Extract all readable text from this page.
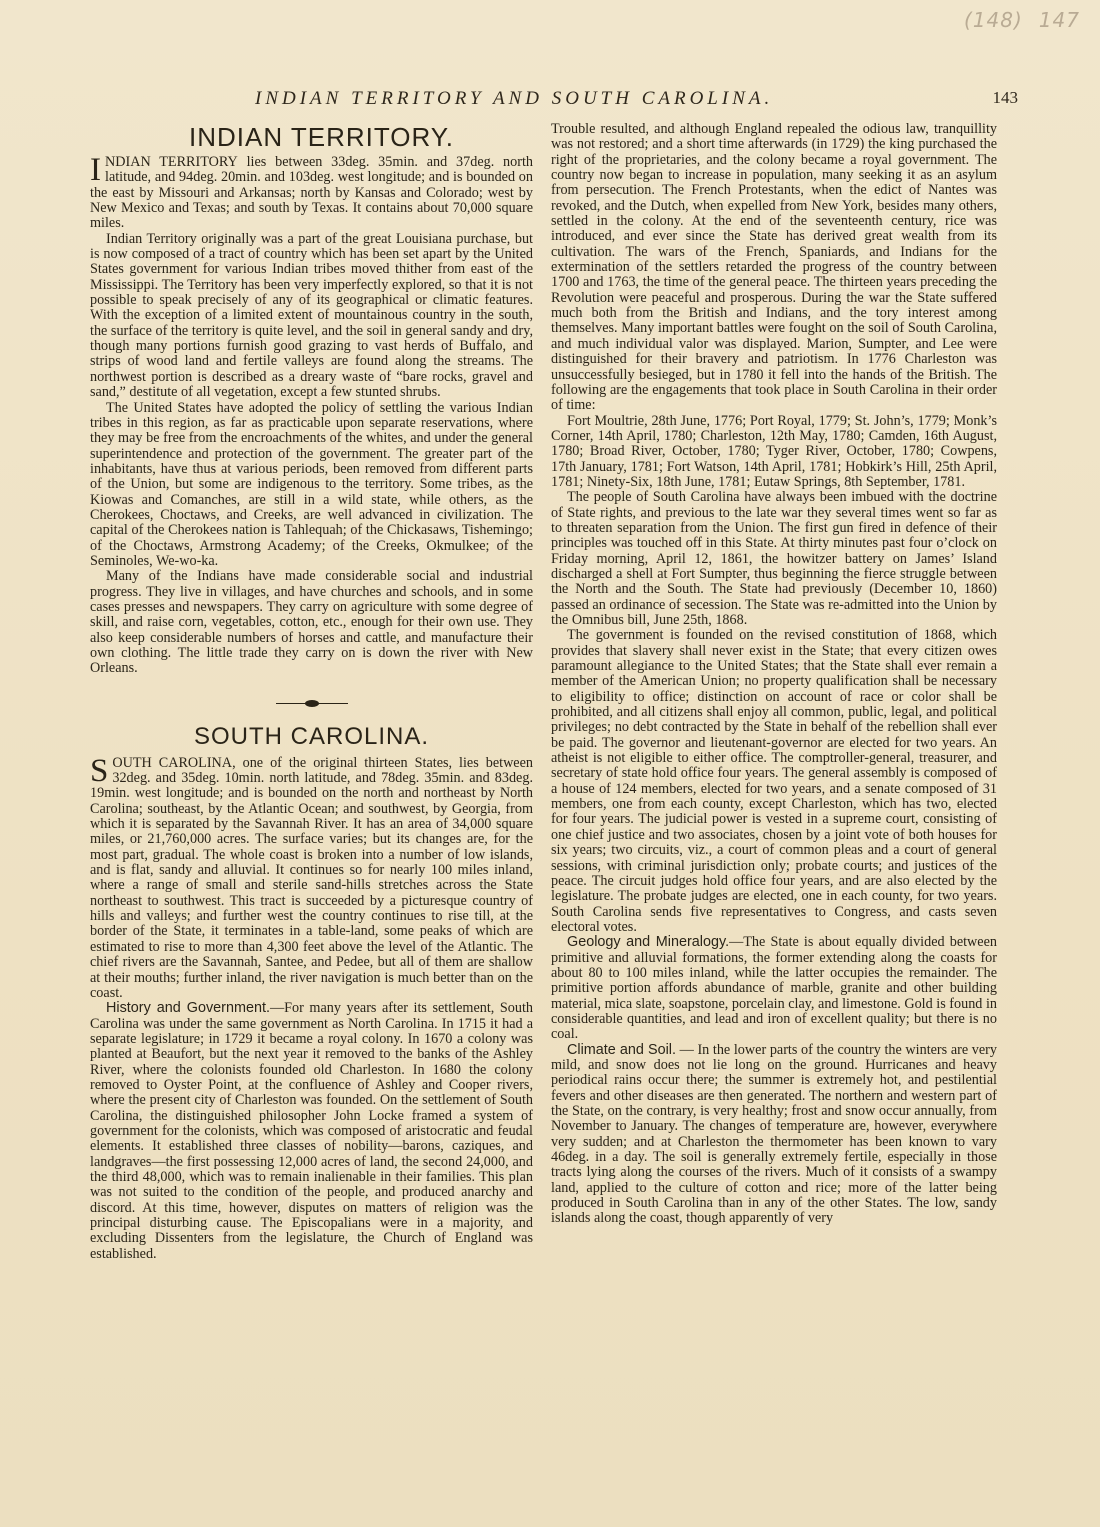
(148) 147
INDIAN TERRITORY AND SOUTH CAROLINA.	143
INDIAN TERRITORY.

INDIAN TERRITORY lies between 33deg. 35min. and 37deg. north latitude, and 94deg. 20min. and 103deg. west longitude; and is bounded on the east by Missouri and Arkansas; north by Kansas and Colorado; west by New Mexico and Texas; and south by Texas. It contains about 70,000 square miles.

Indian Territory originally was a part of the great Louisiana purchase, but is now composed of a tract of country which has been set apart by the United States government for various Indian tribes moved thither from east of the Mississippi. The Territory has been very imperfectly explored, so that it is not possible to speak precisely of any of its geographical or climatic features. With the exception of a limited extent of mountainous country in the south, the surface of the territory is quite level, and the soil in general sandy and dry, though many portions furnish good grazing to vast herds of Buffalo, and strips of wood land and fertile valleys are found along the streams. The northwest portion is described as a dreary waste of “bare rocks, gravel and sand,” destitute of all vegetation, except a few stunted shrubs.

The United States have adopted the policy of settling the various Indian tribes in this region, as far as practicable upon separate reservations, where they may be free from the encroachments of the whites, and under the general superintendence and protection of the government. The greater part of the inhabitants, have thus at various periods, been removed from different parts of the Union, but some are indigenous to the territory. Some tribes, as the Kiowas and Comanches, are still in a wild state, while others, as the Cherokees, Choctaws, and Creeks, are well advanced in civilization. The capital of the Cherokees nation is Tahlequah; of the Chickasaws, Tishemingo; of the Choctaws, Armstrong Academy; of the Creeks, Okmulkee; of the Seminoles, We-wo-ka.

Many of the Indians have made considerable social and industrial progress. They live in villages, and have churches and schools, and in some cases presses and newspapers. They carry on agriculture with some degree of skill, and raise corn, vegetables, cotton, etc., enough for their own use. They also keep considerable numbers of horses and cattle, and manufacture their own clothing. The little trade they carry on is down the river with New Orleans.

SOUTH CAROLINA.

SOUTH CAROLINA, one of the original thirteen States, lies between 32deg. and 35deg. 10min. north latitude, and 78deg. 35min. and 83deg. 19min. west longitude; and is bounded on the north and northeast by North Carolina; southeast, by the Atlantic Ocean; and southwest, by Georgia, from which it is separated by the Savannah River. It has an area of 34,000 square miles, or 21,760,000 acres. The surface varies; but its changes are, for the most part, gradual. The whole coast is broken into a number of low islands, and is flat, sandy and alluvial. It continues so for nearly 100 miles inland, where a range of small and sterile sand-hills stretches across the State northeast to southwest. This tract is succeeded by a picturesque country of hills and valleys; and further west the country continues to rise till, at the border of the State, it terminates in a table-land, some peaks of which are estimated to rise to more than 4,300 feet above the level of the Atlantic. The chief rivers are the Savannah, Santee, and Pedee, but all of them are shallow at their mouths; further inland, the river navigation is much better than on the coast.

History and Government.—For many years after its settlement, South Carolina was under the same government as North Carolina. In 1715 it had a separate legislature; in 1729 it became a royal colony. In 1670 a colony was planted at Beaufort, but the next year it removed to the banks of the Ashley River, where the colonists founded old Charleston. In 1680 the colony removed to Oyster Point, at the confluence of Ashley and Cooper rivers, where the present city of Charleston was founded. On the settlement of South Carolina, the distinguished philosopher John Locke framed a system of government for the colonists, which was composed of aristocratic and feudal elements. It established three classes of nobility—barons, caziques, and landgraves—the first possessing 12,000 acres of land, the second 24,000, and the third 48,000, which was to remain inalienable in their families. This plan was not suited to the condition of the people, and produced anarchy and discord. At this time, however, disputes on matters of religion was the principal disturbing cause. The Episcopalians were in a majority, and excluding Dissenters from the legislature, the Church of England was established.

Trouble resulted, and although England repealed the odious law, tranquillity was not restored; and a short time afterwards (in 1729) the king purchased the right of the proprietaries, and the colony became a royal government. The country now began to increase in population, many seeking it as an asylum from persecution. The French Protestants, when the edict of Nantes was revoked, and the Dutch, when expelled from New York, besides many others, settled in the colony. At the end of the seventeenth century, rice was introduced, and ever since the State has derived great wealth from its cultivation. The wars of the French, Spaniards, and Indians for the extermination of the settlers retarded the progress of the country between 1700 and 1763, the time of the general peace. The thirteen years preceding the Revolution were peaceful and prosperous. During the war the State suffered much both from the British and Indians, and the tory interest among themselves. Many important battles were fought on the soil of South Carolina, and much individual valor was displayed. Marion, Sumpter, and Lee were distinguished for their bravery and patriotism. In 1776 Charleston was unsuccessfully besieged, but in 1780 it fell into the hands of the British. The following are the engagements that took place in South Carolina in their order of time:

Fort Moultrie, 28th June, 1776; Port Royal, 1779; St. John’s, 1779; Monk’s Corner, 14th April, 1780; Charleston, 12th May, 1780; Camden, 16th August, 1780; Broad River, October, 1780; Tyger River, October, 1780; Cowpens, 17th January, 1781; Fort Watson, 14th April, 1781; Hobkirk’s Hill, 25th April, 1781; Ninety-Six, 18th June, 1781; Eutaw Springs, 8th September, 1781.

The people of South Carolina have always been imbued with the doctrine of State rights, and previous to the late war they several times went so far as to threaten separation from the Union. The first gun fired in defence of their principles was touched off in this State. At thirty minutes past four o’clock on Friday morning, April 12, 1861, the howitzer battery on James’ Island discharged a shell at Fort Sumpter, thus beginning the fierce struggle between the North and the South. The State had previously (December 10, 1860) passed an ordinance of secession. The State was re-admitted into the Union by the Omnibus bill, June 25th, 1868.

The government is founded on the revised constitution of 1868, which provides that slavery shall never exist in the State; that every citizen owes paramount allegiance to the United States; that the State shall ever remain a member of the American Union; no property qualification shall be necessary to eligibility to office; distinction on account of race or color shall be prohibited, and all citizens shall enjoy all common, public, legal, and political privileges; no debt contracted by the State in behalf of the rebellion shall ever be paid. The governor and lieutenant-governor are elected for two years. An atheist is not eligible to either office. The comptroller-general, treasurer, and secretary of state hold office four years. The general assembly is composed of a house of 124 members, elected for two years, and a senate composed of 31 members, one from each county, except Charleston, which has two, elected for four years. The judicial power is vested in a supreme court, consisting of one chief justice and two associates, chosen by a joint vote of both houses for six years; two circuits, viz., a court of common pleas and a court of general sessions, with criminal jurisdiction only; probate courts; and justices of the peace. The circuit judges hold office four years, and are also elected by the legislature. The probate judges are elected, one in each county, for two years. South Carolina sends five representatives to Congress, and casts seven electoral votes.

Geology and Mineralogy.—The State is about equally divided between primitive and alluvial formations, the former extending along the coasts for about 80 to 100 miles inland, while the latter occupies the remainder. The primitive portion affords abundance of marble, granite and other building material, mica slate, soapstone, porcelain clay, and limestone. Gold is found in considerable quantities, and lead and iron of excellent quality; but there is no coal.

Climate and Soil. — In the lower parts of the country the winters are very mild, and snow does not lie long on the ground. Hurricanes and heavy periodical rains occur there; the summer is extremely hot, and pestilential fevers and other diseases are then generated. The northern and western part of the State, on the contrary, is very healthy; frost and snow occur annually, from November to January. The changes of temperature are, however, everywhere very sudden; and at Charleston the thermometer has been known to vary 46deg. in a day. The soil is generally extremely fertile, especially in those tracts lying along the courses of the rivers. Much of it consists of a swampy land, applied to the culture of cotton and rice; more of the latter being produced in South Carolina than in any of the other States. The low, sandy islands along the coast, though apparently of very
